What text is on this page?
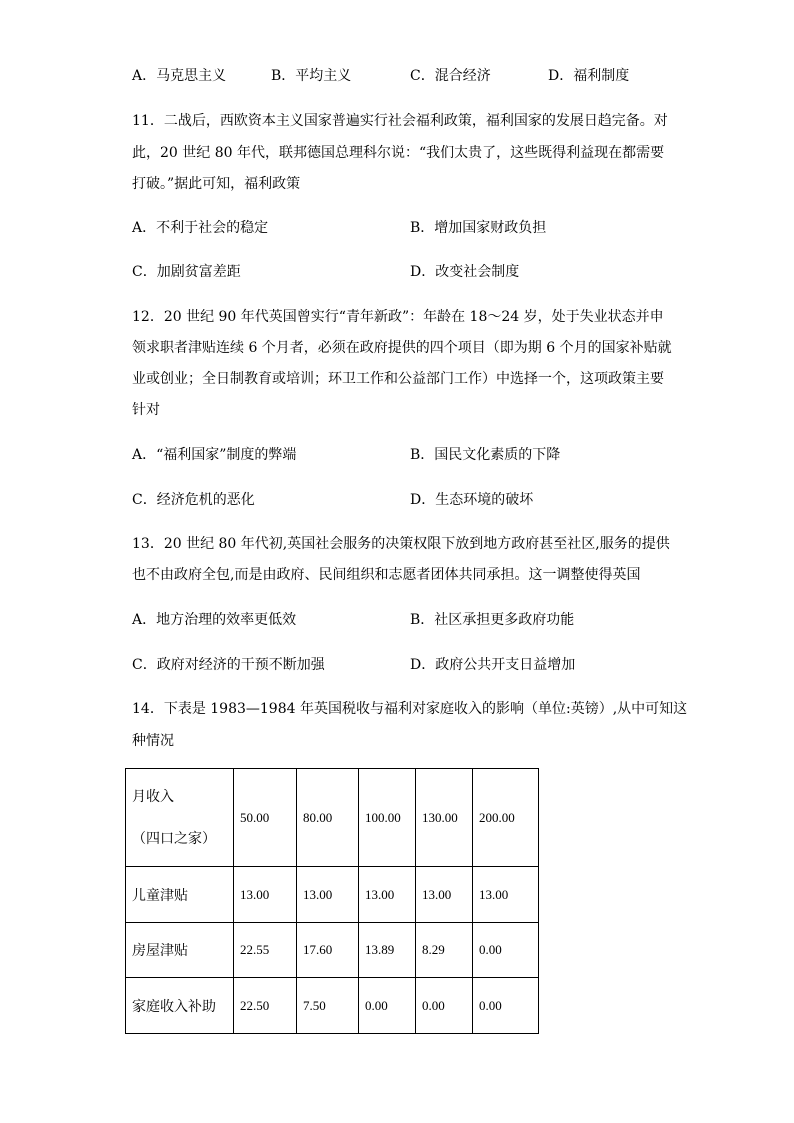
A．马克思主义	B．平均主义	C．混合经济	D．福利制度
11．二战后，西欧资本主义国家普遍实行社会福利政策，福利国家的发展日趋完备。对
此，20 世纪 80 年代，联邦德国总理科尔说：“我们太贵了，这些既得利益现在都需要
打破。”据此可知，福利政策
A．不利于社会的稳定	B．增加国家财政负担
C．加剧贫富差距	D．改变社会制度
12．20 世纪 90 年代英国曾实行“青年新政”：年龄在 18～24 岁，处于失业状态并申
领求职者津贴连续 6 个月者，必须在政府提供的四个项目（即为期 6 个月的国家补贴就
业或创业；全日制教育或培训；环卫工作和公益部门工作）中选择一个，这项政策主要
针对
A．“福利国家”制度的弊端	B．国民文化素质的下降
C．经济危机的恶化	D．生态环境的破坏
13．20 世纪 80 年代初,英国社会服务的决策权限下放到地方政府甚至社区,服务的提供
也不由政府全包,而是由政府、民间组织和志愿者团体共同承担。这一调整使得英国
A．地方治理的效率更低效	B．社区承担更多政府功能
C．政府对经济的干预不断加强	D．政府公共开支日益增加
14．下表是 1983—1984 年英国税收与福利对家庭收入的影响（单位:英镑）,从中可知这
种情况
月收入
（四口之家）	50.00	80.00	100.00	130.00	200.00
儿童津贴	13.00	13.00	13.00	13.00	13.00
房屋津贴	22.55	17.60	13.89	8.29	0.00
家庭收入补助	22.50	7.50	0.00	0.00	0.00
